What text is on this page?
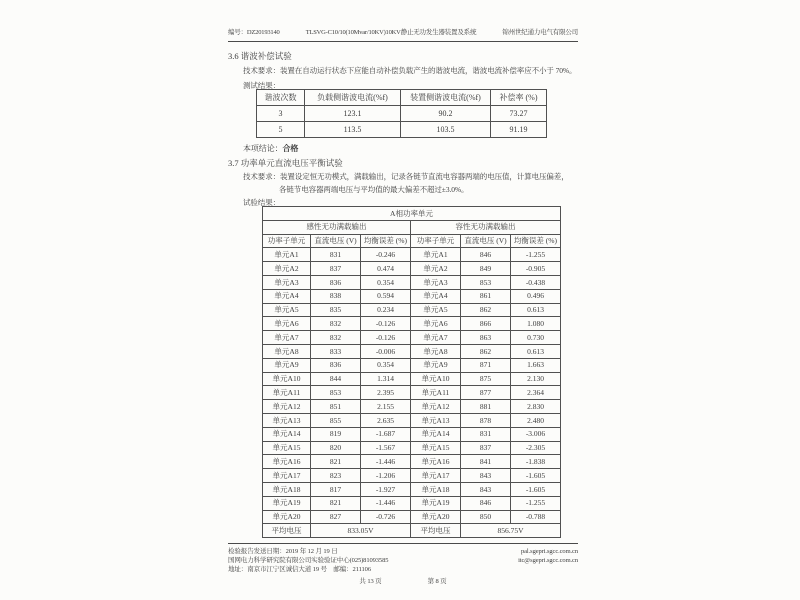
编号：DZ20193140	TLSVG-C10/10(10Mvar/10KV)10KV静止无功发生器装置及系统	锦州世纪通力电气有限公司
3.6 谐波补偿试验
技术要求：装置在自动运行状态下应能自动补偿负载产生的谐波电流，谐波电流补偿率应不小于 70%。
测试结果：
谐波次数	负载侧谐波电流(%f)	装置侧谐波电流(%f)	补偿率 (%)
3	123.1	90.2	73.27
5	113.5	103.5	91.19
本项结论：合格
3.7 功率单元直流电压平衡试验
技术要求：装置设定恒无功模式，满载输出，记录各链节直流电容器两端的电压值，计算电压偏差，
各链节电容器两端电压与平均值的最大偏差不超过±3.0%。
试验结果：
A相功率单元					
感性无功满载输出			容性无功满载输出		
功率子单元	直流电压 (V)	均衡误差 (%)	功率子单元	直流电压 (V)	均衡误差 (%)
单元A1	831	-0.246	单元A1	846	-1.255
单元A2	837	0.474	单元A2	849	-0.905
单元A3	836	0.354	单元A3	853	-0.438
单元A4	838	0.594	单元A4	861	0.496
单元A5	835	0.234	单元A5	862	0.613
单元A6	832	-0.126	单元A6	866	1.080
单元A7	832	-0.126	单元A7	863	0.730
单元A8	833	-0.006	单元A8	862	0.613
单元A9	836	0.354	单元A9	871	1.663
单元A10	844	1.314	单元A10	875	2.130
单元A11	853	2.395	单元A11	877	2.364
单元A12	851	2.155	单元A12	881	2.830
单元A13	855	2.635	单元A13	878	2.480
单元A14	819	-1.687	单元A14	831	-3.006
单元A15	820	-1.567	单元A15	837	-2.305
单元A16	821	-1.446	单元A16	841	-1.838
单元A17	823	-1.206	单元A17	843	-1.605
单元A18	817	-1.927	单元A18	843	-1.605
单元A19	821	-1.446	单元A19	846	-1.255
单元A20	827	-0.726	单元A20	850	-0.788
平均电压	833.05V		平均电压	856.75V	
检验报告发送日期：2019 年 12 月 19 日	pal.sgepri.sgcc.com.cn
国网电力科学研究院有限公司实验验证中心(025)81093585	itc@sgepri.sgcc.com.cn
地址：南京市江宁区诚信大道 19 号　邮编：211106
共 13 页	第 8 页
